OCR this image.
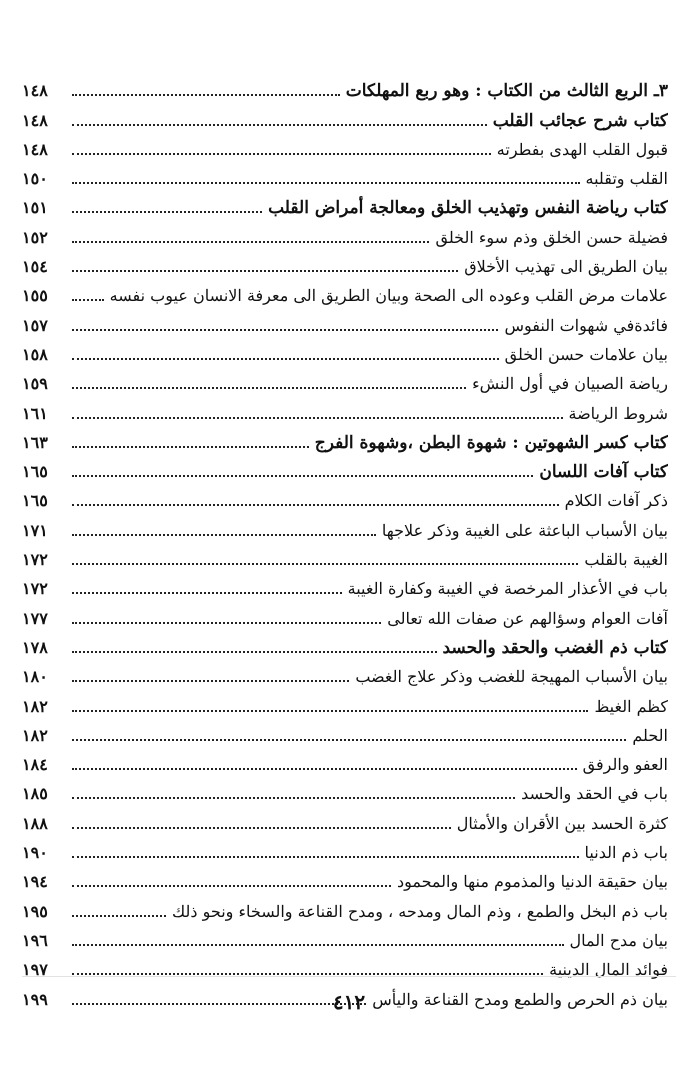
٣ـ الربع الثالث من الكتاب : وهو ربع المهلكات
١٤٨
كتاب شرح عجائب القلب
١٤٨
قبول القلب الهدى بفطرته
١٤٨
القلب وتقلبه
١٥٠
كتاب رياضة النفس وتهذيب الخلق ومعالجة أمراض القلب
١٥١
فضيلة حسن الخلق وذم سوء الخلق
١٥٢
بيان الطريق الى تهذيب الأخلاق
١٥٤
علامات مرض القلب وعوده الى الصحة وبيان الطريق الى معرفة الانسان عيوب نفسه
١٥٥
فائدةفي شهوات النفوس
١٥٧
بيان علامات حسن الخلق
١٥٨
رياضة الصبيان في أول النشء
١٥٩
شروط الرياضة
١٦١
كتاب كسر الشهوتين : شهوة البطن ،وشهوة الفرج
١٦٣
كتاب آفات اللسان
١٦٥
ذكر آفات الكلام
١٦٥
بيان الأسباب الباعثة على الغيبة وذكر علاجها
١٧١
الغيبة بالقلب
١٧٢
باب في الأعذار المرخصة في الغيبة وكفارة الغيبة
١٧٢
آفات العوام وسؤالهم عن صفات الله تعالى
١٧٧
كتاب ذم الغضب والحقد والحسد
١٧٨
بيان الأسباب المهيجة للغضب وذكر علاج الغضب
١٨٠
كظم الغيظ
١٨٢
الحلم
١٨٢
العفو والرفق
١٨٤
باب في الحقد والحسد
١٨٥
كثرة الحسد بين الأقران والأمثال
١٨٨
باب ذم الدنيا
١٩٠
بيان حقيقة الدنيا والمذموم منها والمحمود
١٩٤
باب ذم البخل والطمع ، وذم المال ومدحه ، ومدح القناعة والسخاء ونحو ذلك
١٩٥
بيان مدح المال
١٩٦
فوائد المال الدينية
١٩٧
بيان ذم الحرص والطمع ومدح القناعة واليأس
١٩٩	٤١٢
